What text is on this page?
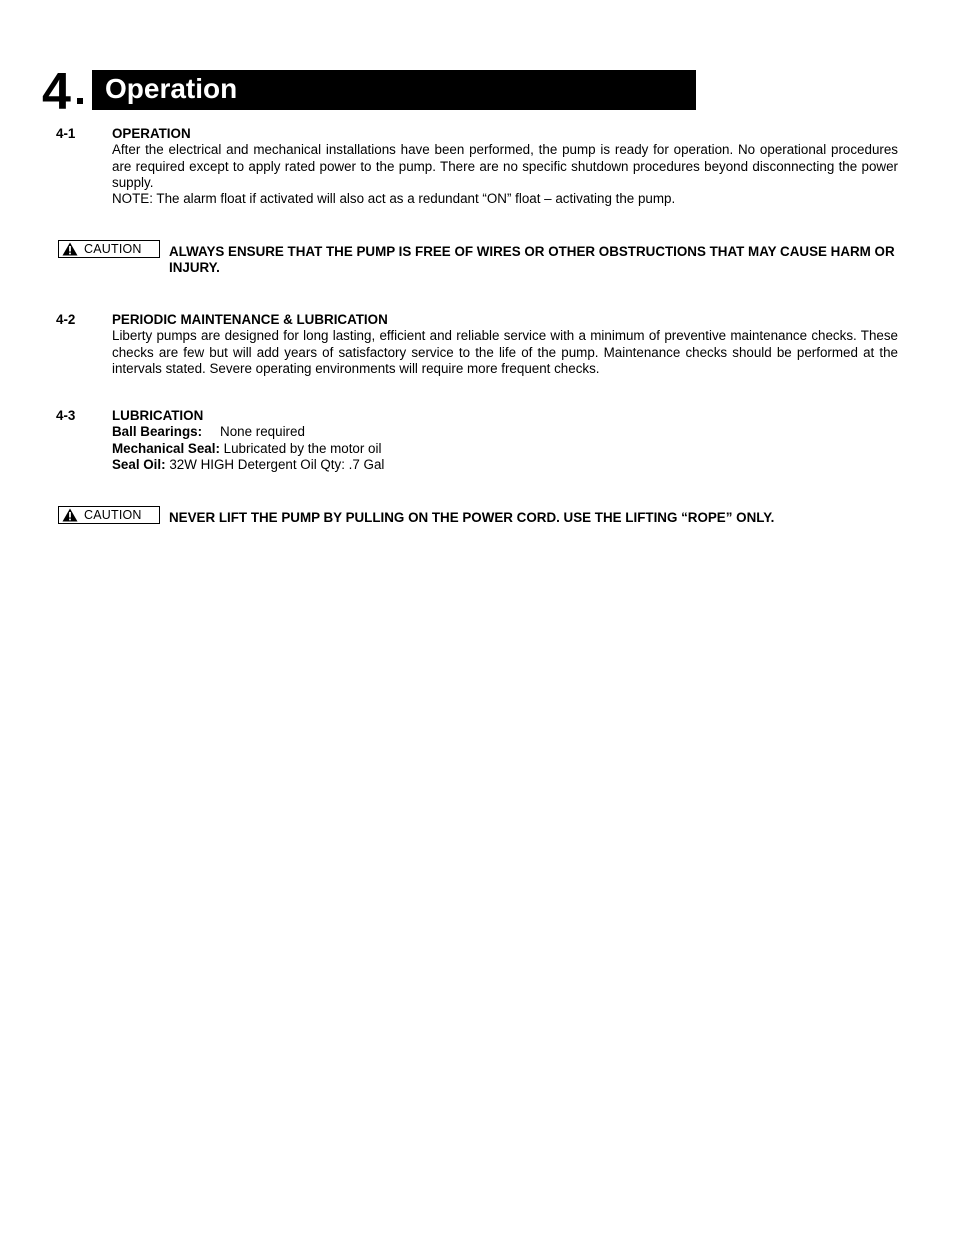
4	Operation
4-1	OPERATION
After the electrical and mechanical installations have been performed, the pump is ready for operation. No operational procedures are required except to apply rated power to the pump. There are no specific shutdown procedures beyond disconnecting the power supply.
NOTE: The alarm float if activated will also act as a redundant “ON” float – activating the pump.
CAUTION ALWAYS ENSURE THAT THE PUMP IS FREE OF WIRES OR OTHER OBSTRUCTIONS THAT MAY CAUSE HARM OR INJURY.
4-2	PERIODIC MAINTENANCE & LUBRICATION
Liberty pumps are designed for long lasting, efficient and reliable service with a minimum of preventive maintenance checks. These checks are few but will add years of satisfactory service to the life of the pump. Maintenance checks should be performed at the intervals stated. Severe operating environments will require more frequent checks.
4-3	LUBRICATION
Ball Bearings: None required
Mechanical Seal: Lubricated by the motor oil
Seal Oil: 32W HIGH Detergent Oil Qty: .7 Gal
CAUTION NEVER LIFT THE PUMP BY PULLING ON THE POWER CORD. USE THE LIFTING “ROPE” ONLY.
